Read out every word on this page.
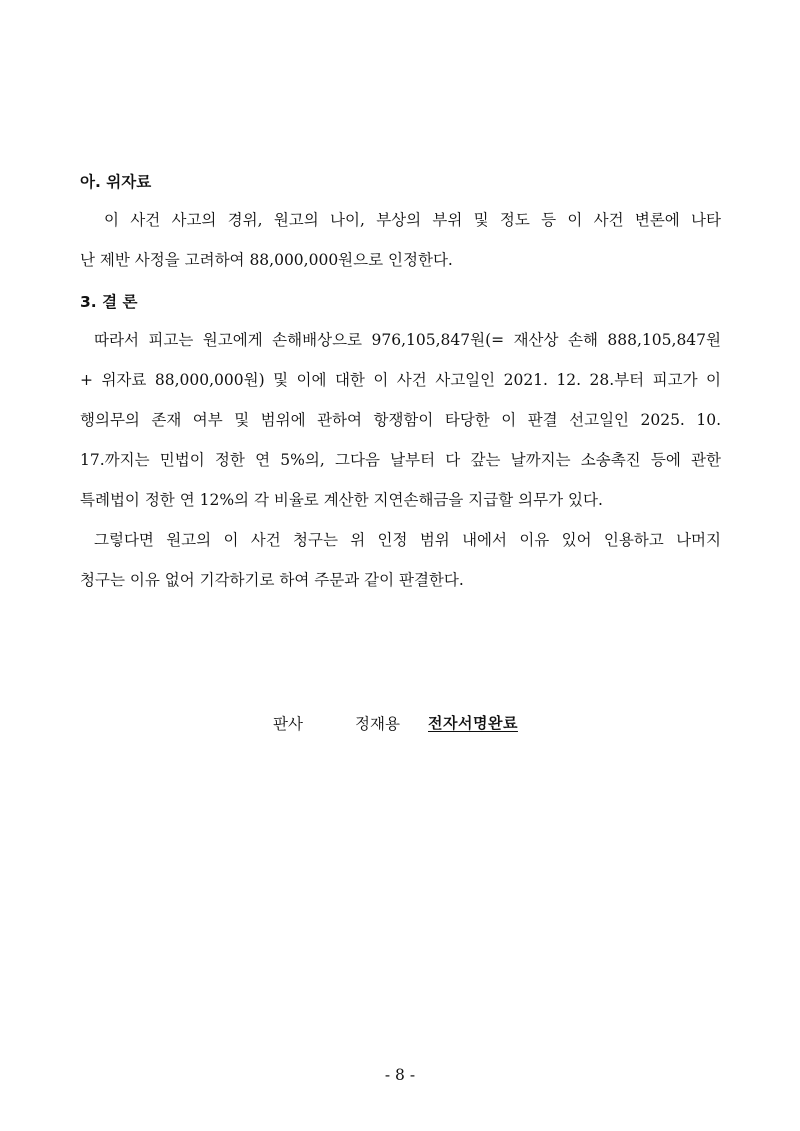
아. 위자료
이 사건 사고의 경위, 원고의 나이, 부상의 부위 및 정도 등 이 사건 변론에 나타
난 제반 사정을 고려하여 88,000,000원으로 인정한다.
3. 결 론
따라서 피고는 원고에게 손해배상으로 976,105,847원(= 재산상 손해 888,105,847원
+ 위자료 88,000,000원) 및 이에 대한 이 사건 사고일인 2021. 12. 28.부터 피고가 이
행의무의 존재 여부 및 범위에 관하여 항쟁함이 타당한 이 판결 선고일인 2025. 10.
17.까지는 민법이 정한 연 5%의, 그다음 날부터 다 갚는 날까지는 소송촉진 등에 관한
특례법이 정한 연 12%의 각 비율로 계산한 지연손해금을 지급할 의무가 있다.
그렇다면 원고의 이 사건 청구는 위 인정 범위 내에서 이유 있어 인용하고 나머지
청구는 이유 없어 기각하기로 하여 주문과 같이 판결한다.
판사	정재용 전자서명완료
- 8 -
